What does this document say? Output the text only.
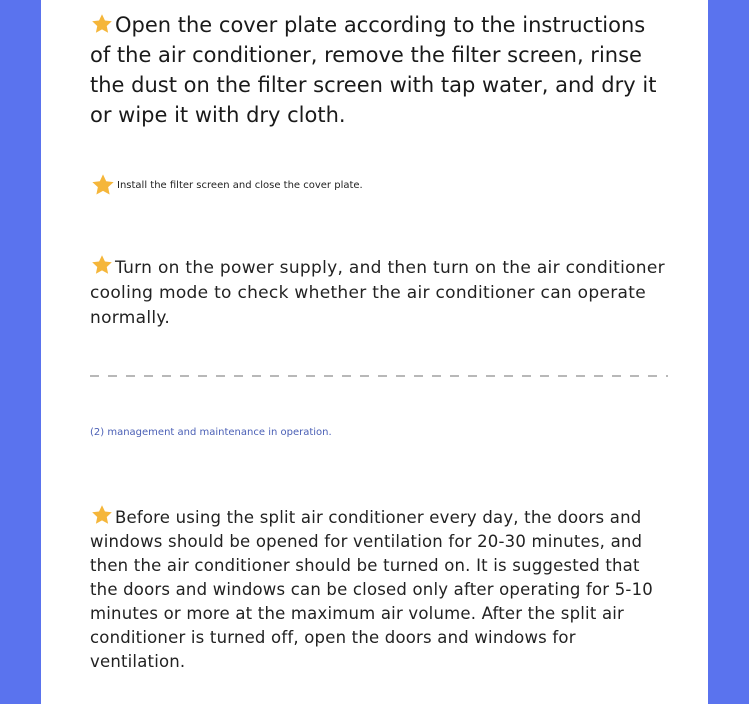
Open the cover plate according to the instructions of the air conditioner, remove the filter screen, rinse the dust on the filter screen with tap water, and dry it or wipe it with dry cloth.
Install the filter screen and close the cover plate.
Turn on the power supply, and then turn on the air conditioner cooling mode to check whether the air conditioner can operate normally.
(2) management and maintenance in operation.
Before using the split air conditioner every day, the doors and windows should be opened for ventilation for 20-30 minutes, and then the air conditioner should be turned on. It is suggested that the doors and windows can be closed only after operating for 5-10 minutes or more at the maximum air volume. After the split air conditioner is turned off, open the doors and windows for ventilation.
